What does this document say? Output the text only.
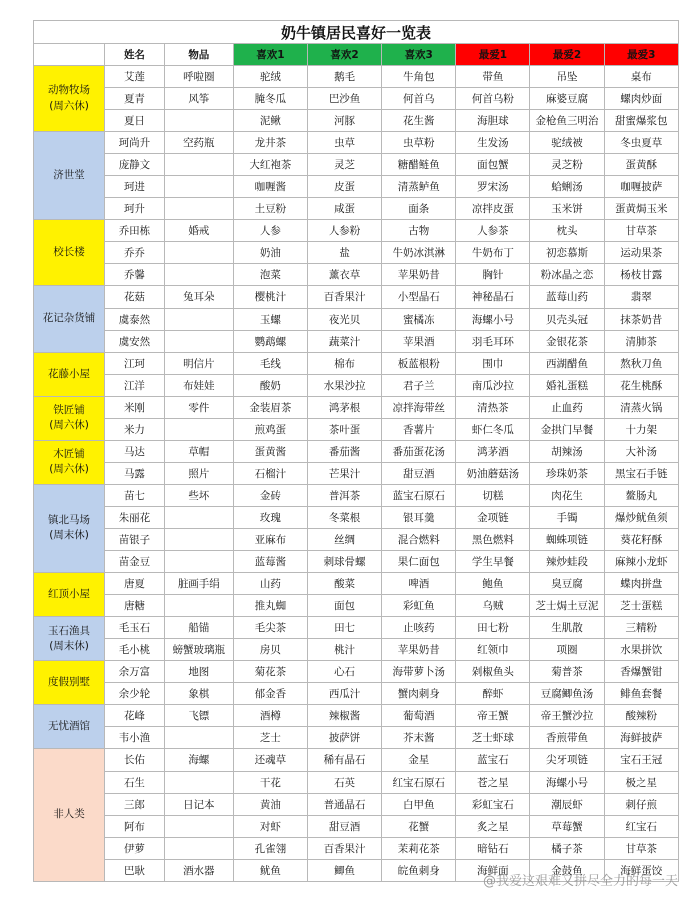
奶牛镇居民喜好一览表								
	姓名	物品	喜欢1	喜欢2	喜欢3	最爱1	最爱2	最爱3
动物牧场
(周六休)	艾莲	呼啦圈	驼绒	鹅毛	牛角包	带鱼	吊坠	桌布
	夏青	风筝	腌冬瓜	巴沙鱼	何首乌	何首乌粉	麻婆豆腐	螺肉炒面
	夏日		泥鳅	河豚	花生酱	海胆球	金枪鱼三明治	甜蜜爆浆包
济世堂	珂尚升	空药瓶	龙井茶	虫草	虫草粉	生发汤	驼绒被	冬虫夏草
	庞静文		大红袍茶	灵芝	糖醋鲢鱼	面包蟹	灵芝粉	蛋黄酥
	珂进		咖喱酱	皮蛋	清蒸鲈鱼	罗宋汤	蛤蜊汤	咖喱披萨
	珂升		土豆粉	咸蛋	面条	凉拌皮蛋	玉米饼	蛋黄焗玉米
校长楼	乔田栋	婚戒	人参	人参粉	古物	人参茶	枕头	甘草茶
	乔乔		奶油	盐	牛奶冰淇淋	牛奶布丁	初恋慕斯	运动果茶
	乔馨		泡菜	薰衣草	苹果奶昔	胸针	粉冰晶之恋	杨枝甘露
花记杂货铺	花菇	兔耳朵	樱桃汁	百香果汁	小型晶石	神秘晶石	蓝莓山药	翡翠
	虞泰然		玉螺	夜光贝	蜜橘冻	海螺小号	贝壳头冠	抹茶奶昔
	虞安然		鹦鹉螺	蔬菜汁	苹果酒	羽毛耳环	金银花茶	清肺茶
花藤小屋	江珂	明信片	毛线	棉布	板蓝根粉	围巾	西湖醋鱼	熬秋刀鱼
	江洋	布娃娃	酸奶	水果沙拉	君子兰	南瓜沙拉	婚礼蛋糕	花生桃酥
铁匠铺
(周六休)	米刚	零件	金装眉茶	鸿茅根	凉拌海带丝	清热茶	止血药	清蒸火锅
	米力		煎鸡蛋	茶叶蛋	香薯片	虾仁冬瓜	金拱门早餐	十力架
木匠铺
(周六休)	马达	草帽	蛋黄酱	番茄酱	番茄蛋花汤	鸿茅酒	胡辣汤	大补汤
	马露	照片	石榴汁	芒果汁	甜豆酒	奶油蘑菇汤	珍珠奶茶	黑宝石手链
镇北马场
(周末休)	苗七	些坏	金砖	普洱茶	蓝宝石原石	切糕	肉花生	鳌肠丸
	朱丽花		玫瑰	冬菜根	银耳羹	金项链	手镯	爆炒鱿鱼须
	苗银子		亚麻布	丝绸	混合燃料	黑色燃料	蜘蛛项链	葵花籽酥
	苗金豆		蓝莓酱	刺球骨螺	果仁面包	学生早餐	辣炒蛙段	麻辣小龙虾
红顶小屋	唐夏	脏画手绢	山药	酸菜	啤酒	鲍鱼	臭豆腐	蝶肉拼盘
	唐糖		推丸蜘	面包	彩虹鱼	乌贼	芝士焗土豆泥	芝士蛋糕
玉石渔具
(周末休)	毛玉石	船锚	毛尖茶	田七	止咳药	田七粉	生肌散	三精粉
	毛小桃	螃蟹玻璃瓶	房贝	桃汁	苹果奶昔	红领巾	项圈	水果拼饮
度假别墅	余万富	地图	菊花茶	心石	海带萝卜汤	剁椒鱼头	菊普茶	香爆蟹钳
	余少轮	象棋	郁金香	西瓜汁	蟹肉刺身	醉虾	豆腐鲫鱼汤	鲱鱼套餐
无忧酒馆	花峰	飞镖	酒樽	辣椒酱	葡萄酒	帝王蟹	帝王蟹沙拉	酸辣粉
	韦小渔		芝士	披萨饼	芥末酱	芝士虾球	香煎带鱼	海鲜披萨
非人类	长佑	海螺	还魂草	稀有晶石	金星	蓝宝石	尖牙项链	宝石王冠
	石生		干花	石英	红宝石原石	苍之星	海螺小号	极之星
	三郎	日记本	黄油	普通晶石	白甲鱼	彩虹宝石	潮辰虾	刺仔煎
	阿布		对虾	甜豆酒	花蟹	炙之星	草莓蟹	红宝石
	伊萝		孔雀翎	百香果汁	茉莉花茶	暗钻石	橘子茶	甘草茶
	巴耿	酒水器	鱿鱼	鲫鱼	皖鱼刺身	海鲜面	金鼓鱼	海鲜蛋饺
@我爱这艰难又拼尽全力的每一天
